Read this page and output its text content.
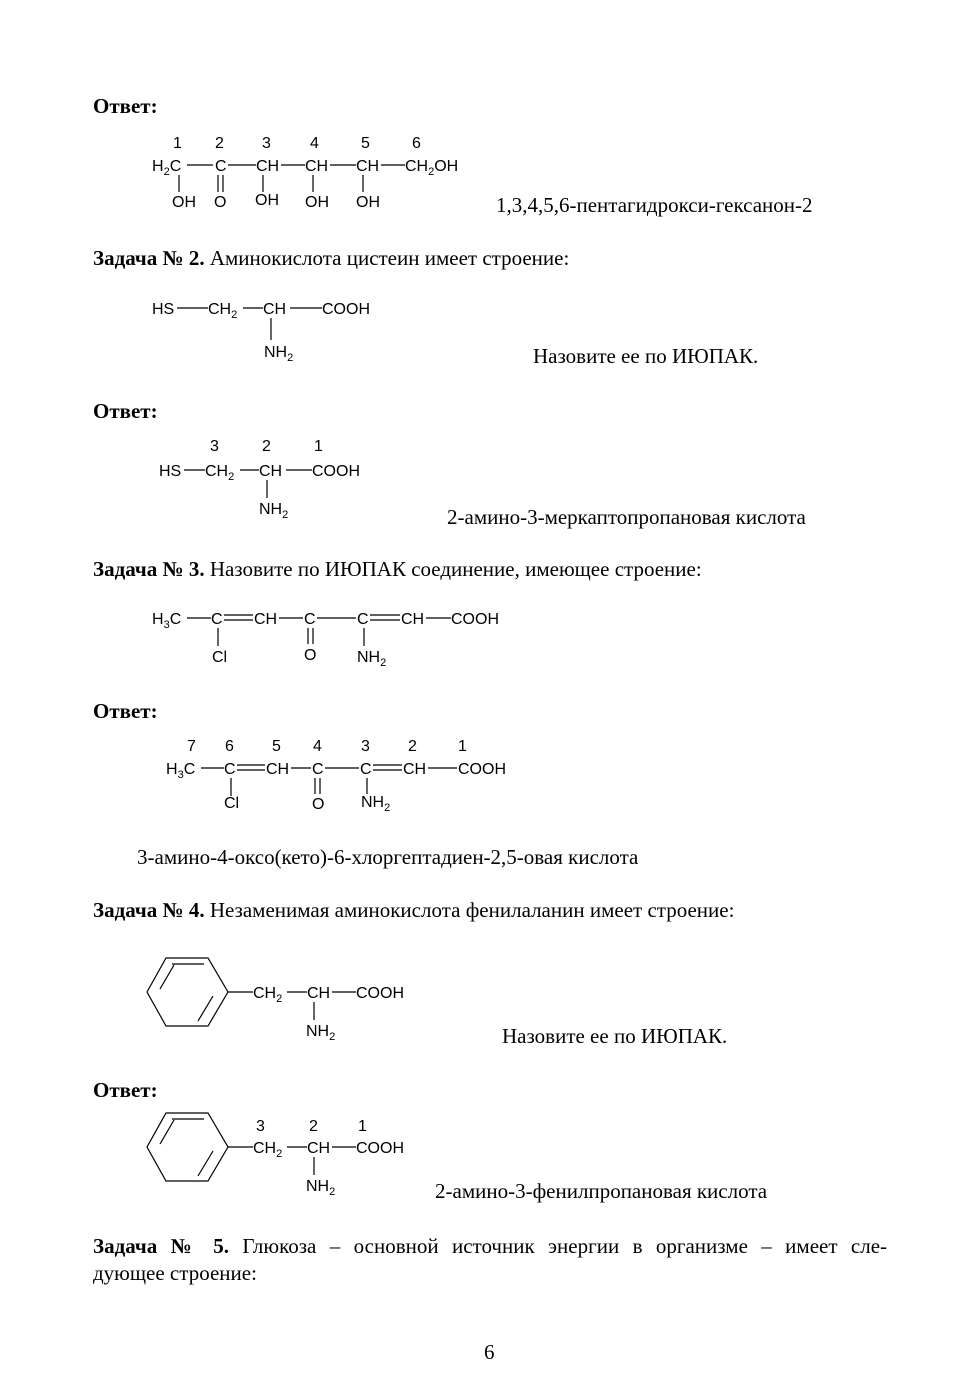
Ответ:
1,3,4,5,6-пентагидрокси-гексанон-2
Задача № 2. Аминокислота цистеин имеет строение:
Назовите ее по ИЮПАК.
Ответ:
2-амино-3-меркаптопропановая кислота
Задача № 3. Назовите по ИЮПАК соединение, имеющее строение:
Ответ:
3-амино-4-оксо(кето)-6-хлоргептадиен-2,5-овая кислота
Задача № 4. Незаменимая аминокислота фенилаланин имеет строение:
Назовите ее по ИЮПАК.
Ответ:
2-амино-3-фенилпропановая кислота
Задача № 5. Глюкоза – основной источник энергии в организме – имеет сле-
дующее строение:
6
1 2 3 4	5	6
$H_2C$ C CH CH CH $CH_2OH$
OH O OH OH OH
HS $CH_2$ CH COOH
$NH_2$
3	2	1
HS $CH_2$ CH COOH
$NH_2$
$H_3C$ C CH C	C CH COOH
Cl	O	$NH_2$
7 6 5 4 3 2	1
$H_3C$ C CH C C CH COOH
Cl	O $NH_2$
$CH_2$ CH COOH
$NH_2$
3	2	1
$CH_2$ CH COOH
$NH_2$
